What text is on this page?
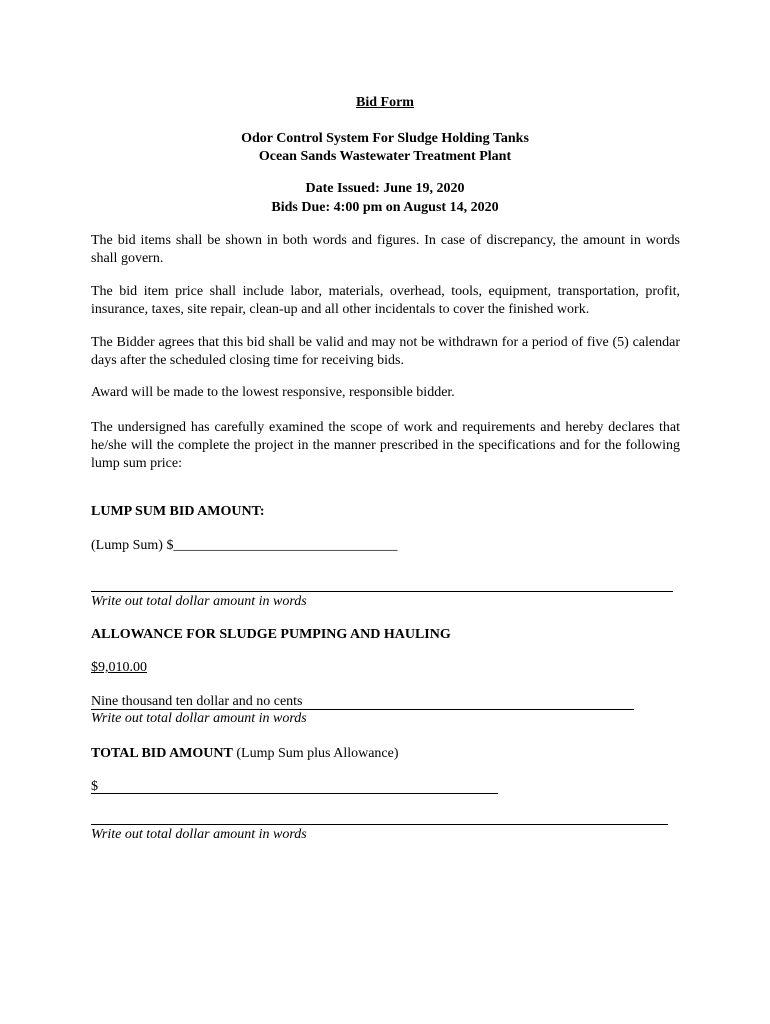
Bid Form
Odor Control System For Sludge Holding Tanks
Ocean Sands Wastewater Treatment Plant
Date Issued: June 19, 2020
Bids Due: 4:00 pm on August 14, 2020
The bid items shall be shown in both words and figures. In case of discrepancy, the amount in words shall govern.
The bid item price shall include labor, materials, overhead, tools, equipment, transportation, profit, insurance, taxes, site repair, clean-up and all other incidentals to cover the finished work.
The Bidder agrees that this bid shall be valid and may not be withdrawn for a period of five (5) calendar days after the scheduled closing time for receiving bids.
Award will be made to the lowest responsive, responsible bidder.
The undersigned has carefully examined the scope of work and requirements and hereby declares that he/she will the complete the project in the manner prescribed in the specifications and for the following lump sum price:
LUMP SUM BID AMOUNT:
(Lump Sum) $________________________________
Write out total dollar amount in words
ALLOWANCE FOR SLUDGE PUMPING AND HAULING
$9,010.00
Nine thousand ten dollar and no cents
Write out total dollar amount in words
TOTAL BID AMOUNT (Lump Sum plus Allowance)
$
Write out total dollar amount in words
